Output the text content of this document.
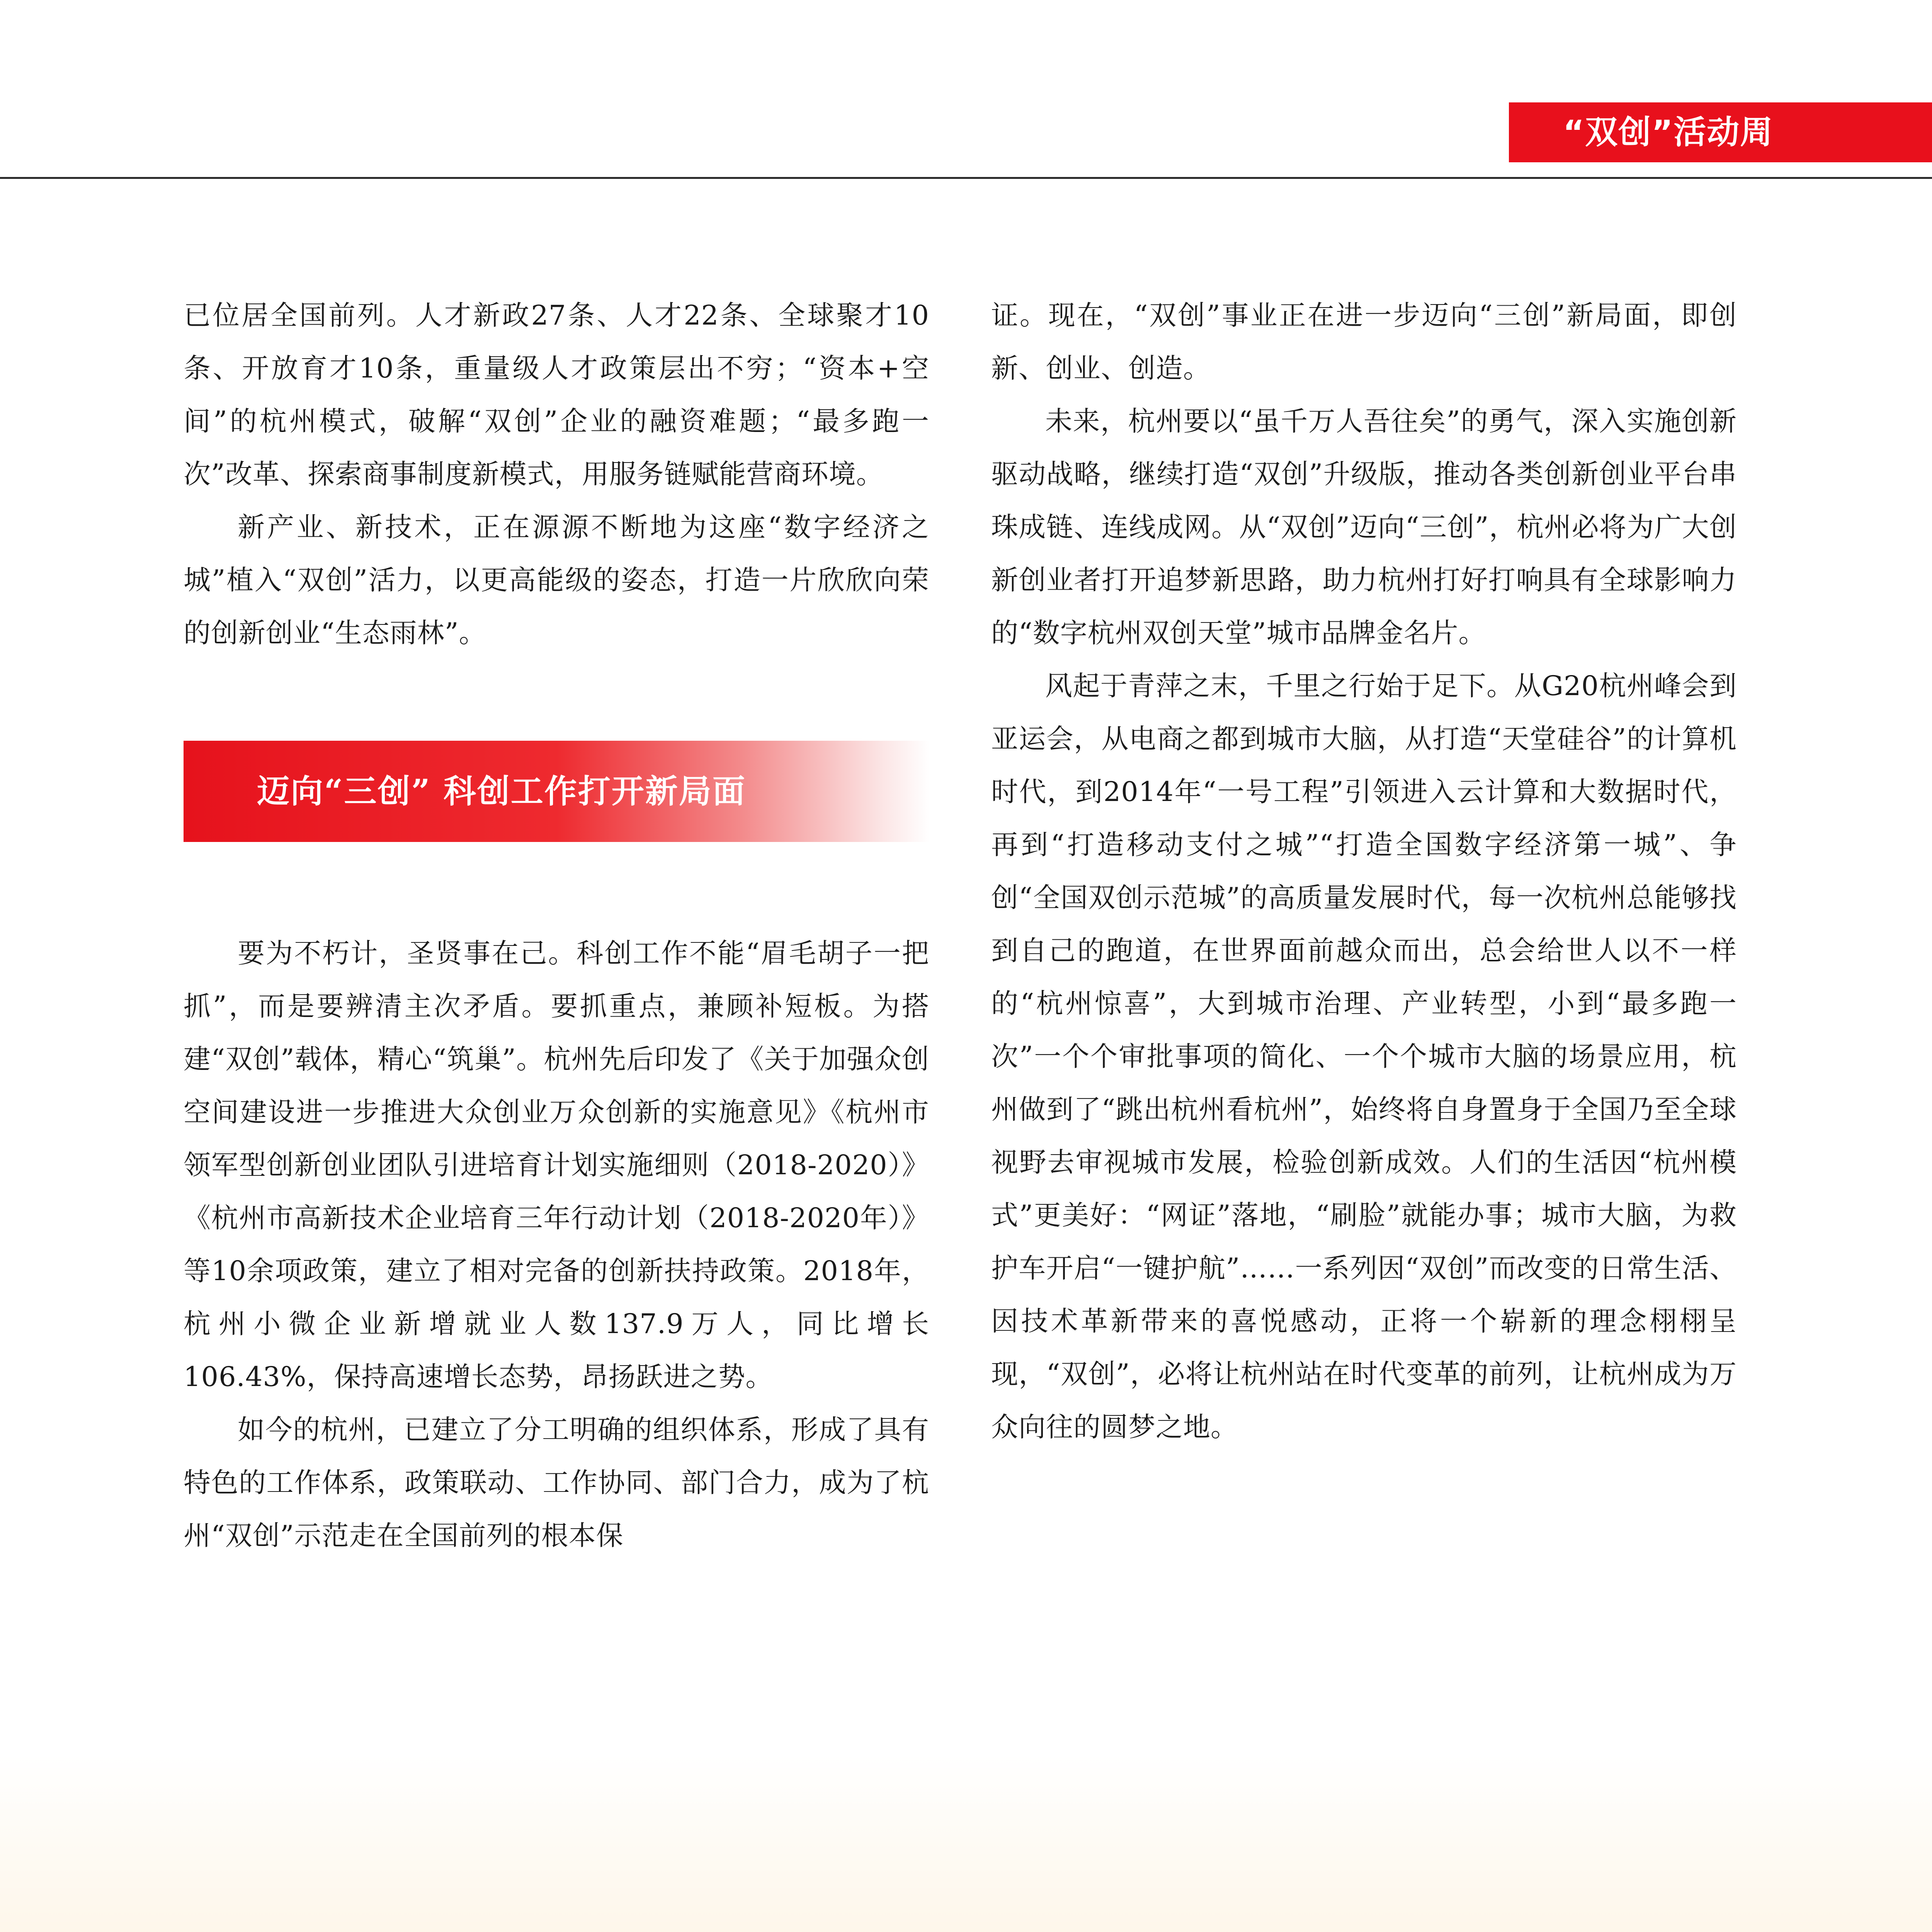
“双创”活动周

已位居全国前列。人才新政27条、人才22条、全球聚才10条、开放育才10条，重量级人才政策层出不穷；“资本+空间”的杭州模式，破解“双创”企业的融资难题；“最多跑一次”改革、探索商事制度新模式，用服务链赋能营商环境。

新产业、新技术，正在源源不断地为这座“数字经济之城”植入“双创”活力，以更高能级的姿态，打造一片欣欣向荣的创新创业“生态雨林”。

迈向“三创” 科创工作打开新局面

要为不朽计，圣贤事在己。科创工作不能“眉毛胡子一把抓”，而是要辨清主次矛盾。要抓重点，兼顾补短板。为搭建“双创”载体，精心“筑巢”。杭州先后印发了《关于加强众创空间建设进一步推进大众创业万众创新的实施意见》《杭州市领军型创新创业团队引进培育计划实施细则（2018-2020）》《杭州市高新技术企业培育三年行动计划（2018-2020年）》等10余项政策，建立了相对完备的创新扶持政策。2018年，杭州小微企业新增就业人数137.9万人，同比增长106.43%，保持高速增长态势，昂扬跃进之势。

如今的杭州，已建立了分工明确的组织体系，形成了具有特色的工作体系，政策联动、工作协同、部门合力，成为了杭州“双创”示范走在全国前列的根本保

证。现在，“双创”事业正在进一步迈向“三创”新局面，即创新、创业、创造。

未来，杭州要以“虽千万人吾往矣”的勇气，深入实施创新驱动战略，继续打造“双创”升级版，推动各类创新创业平台串珠成链、连线成网。从“双创”迈向“三创”，杭州必将为广大创新创业者打开追梦新思路，助力杭州打好打响具有全球影响力的“数字杭州双创天堂”城市品牌金名片。

风起于青萍之末，千里之行始于足下。从G20杭州峰会到亚运会，从电商之都到城市大脑，从打造“天堂硅谷”的计算机时代，到2014年“一号工程”引领进入云计算和大数据时代，再到“打造移动支付之城”“打造全国数字经济第一城”、争创“全国双创示范城”的高质量发展时代，每一次杭州总能够找到自己的跑道，在世界面前越众而出，总会给世人以不一样的“杭州惊喜”，大到城市治理、产业转型，小到“最多跑一次”一个个审批事项的简化、一个个城市大脑的场景应用，杭州做到了“跳出杭州看杭州”，始终将自身置身于全国乃至全球视野去审视城市发展，检验创新成效。人们的生活因“杭州模式”更美好：“网证”落地，“刷脸”就能办事；城市大脑，为救护车开启“一键护航”……一系列因“双创”而改变的日常生活、因技术革新带来的喜悦感动，正将一个崭新的理念栩栩呈现，“双创”，必将让杭州站在时代变革的前列，让杭州成为万众向往的圆梦之地。
